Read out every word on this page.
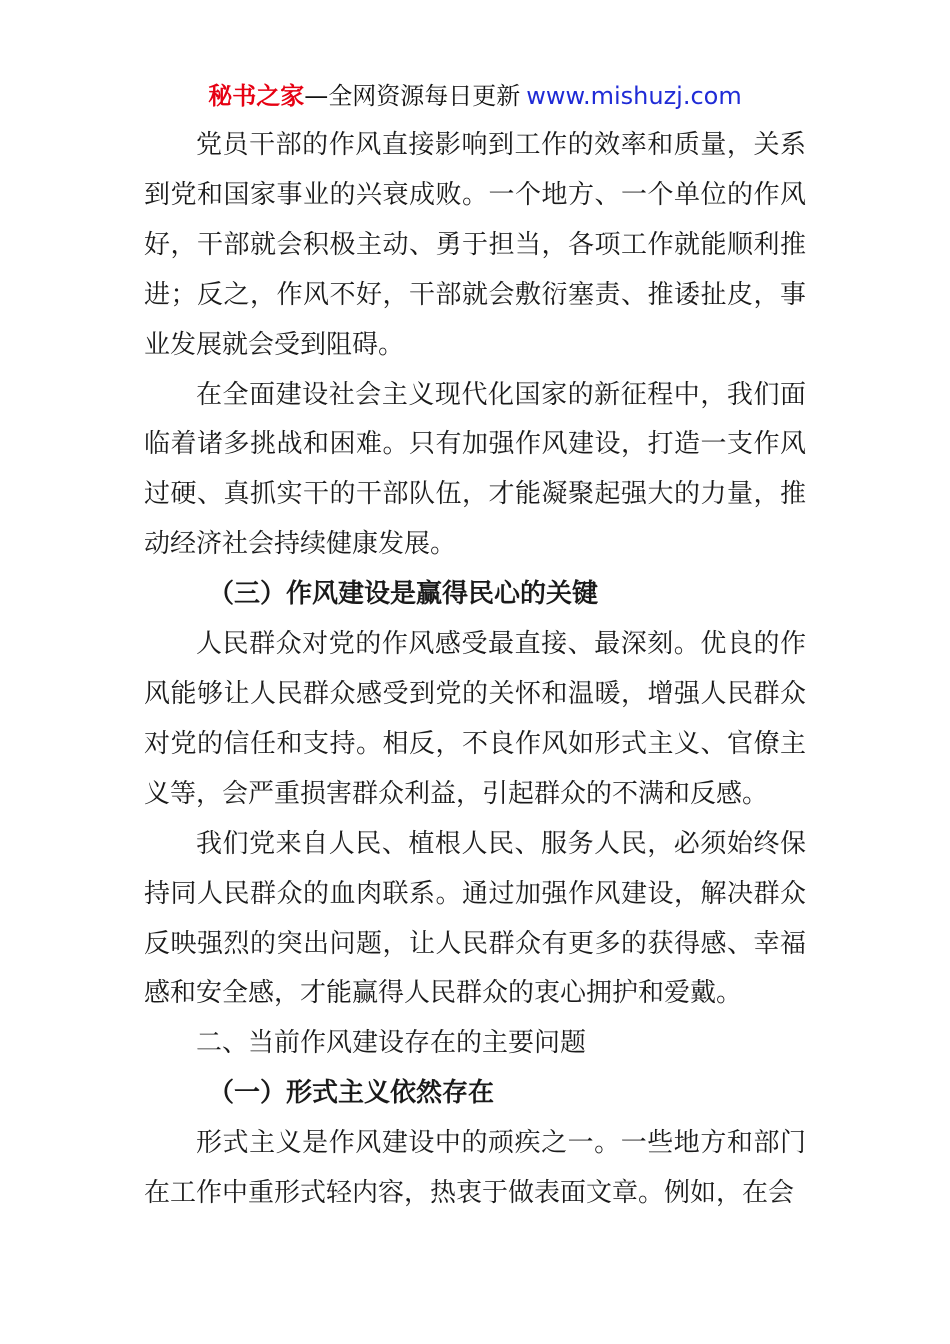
秘书之家—全网资源每日更新 www.mishuzj.com

党员干部的作风直接影响到工作的效率和质量，关系到党和国家事业的兴衰成败。一个地方、一个单位的作风好，干部就会积极主动、勇于担当，各项工作就能顺利推进；反之，作风不好，干部就会敷衍塞责、推诿扯皮，事业发展就会受到阻碍。

在全面建设社会主义现代化国家的新征程中，我们面临着诸多挑战和困难。只有加强作风建设，打造一支作风过硬、真抓实干的干部队伍，才能凝聚起强大的力量，推动经济社会持续健康发展。

（三）作风建设是赢得民心的关键

人民群众对党的作风感受最直接、最深刻。优良的作风能够让人民群众感受到党的关怀和温暖，增强人民群众对党的信任和支持。相反，不良作风如形式主义、官僚主义等，会严重损害群众利益，引起群众的不满和反感。

我们党来自人民、植根人民、服务人民，必须始终保持同人民群众的血肉联系。通过加强作风建设，解决群众反映强烈的突出问题，让人民群众有更多的获得感、幸福感和安全感，才能赢得人民群众的衷心拥护和爱戴。

二、当前作风建设存在的主要问题

（一）形式主义依然存在

形式主义是作风建设中的顽疾之一。一些地方和部门在工作中重形式轻内容，热衷于做表面文章。例如，在会
